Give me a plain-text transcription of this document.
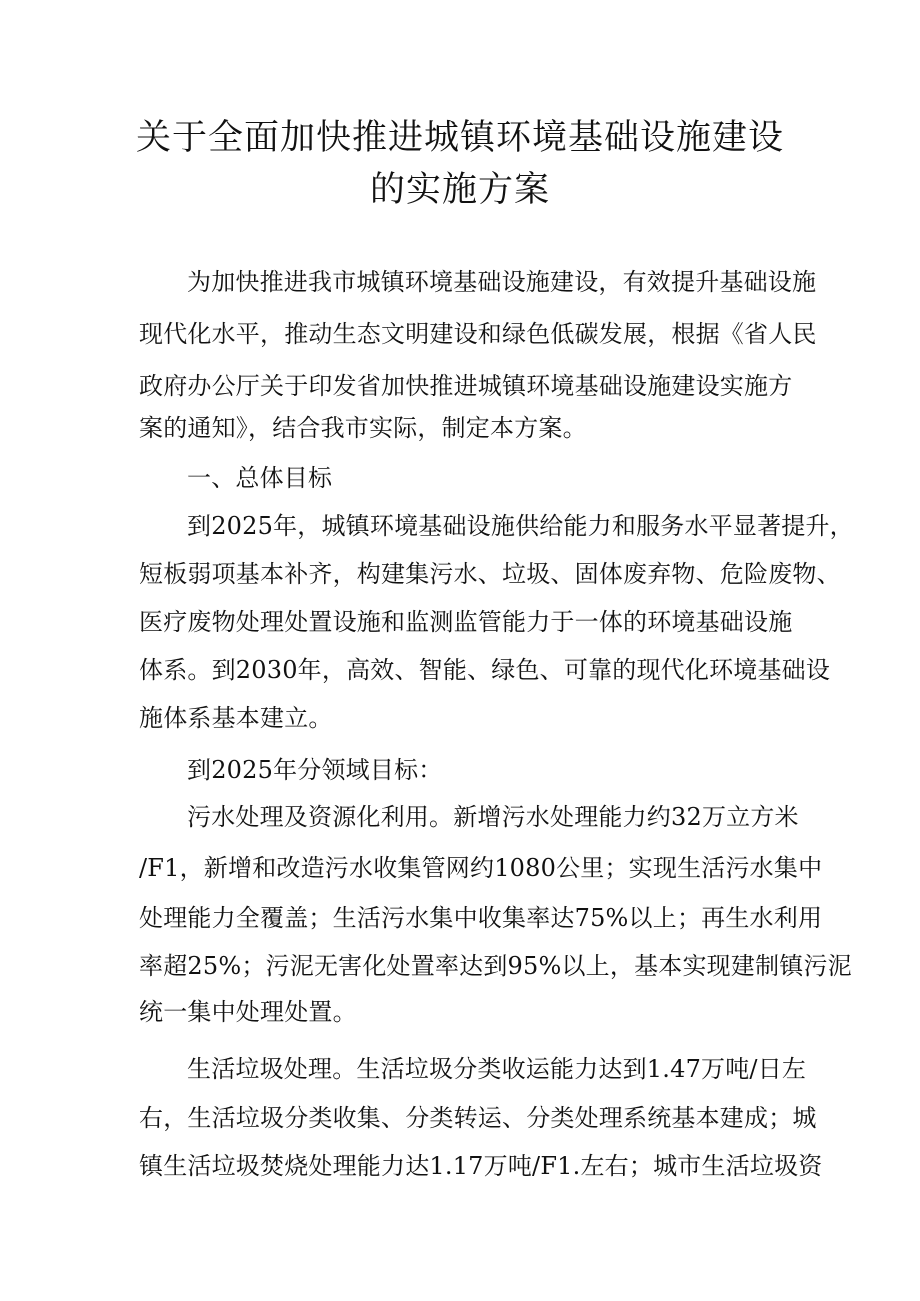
关于全面加快推进城镇环境基础设施建设
的实施方案
为加快推进我市城镇环境基础设施建设，有效提升基础设施
现代化水平，推动生态文明建设和绿色低碳发展，根据《省人民
政府办公厅关于印发省加快推进城镇环境基础设施建设实施方
案的通知》，结合我市实际，制定本方案。
一、总体目标
到2025年，城镇环境基础设施供给能力和服务水平显著提升，
短板弱项基本补齐，构建集污水、垃圾、固体废弃物、危险废物、
医疗废物处理处置设施和监测监管能力于一体的环境基础设施
体系。到2030年，高效、智能、绿色、可靠的现代化环境基础设
施体系基本建立。
到2025年分领域目标：
污水处理及资源化利用。新增污水处理能力约32万立方米
/F1，新增和改造污水收集管网约1080公里；实现生活污水集中
处理能力全覆盖；生活污水集中收集率达75%以上；再生水利用
率超25%；污泥无害化处置率达到95%以上，基本实现建制镇污泥
统一集中处理处置。
生活垃圾处理。生活垃圾分类收运能力达到1.47万吨/日左
右，生活垃圾分类收集、分类转运、分类处理系统基本建成；城
镇生活垃圾焚烧处理能力达1.17万吨/F1.左右；城市生活垃圾资
